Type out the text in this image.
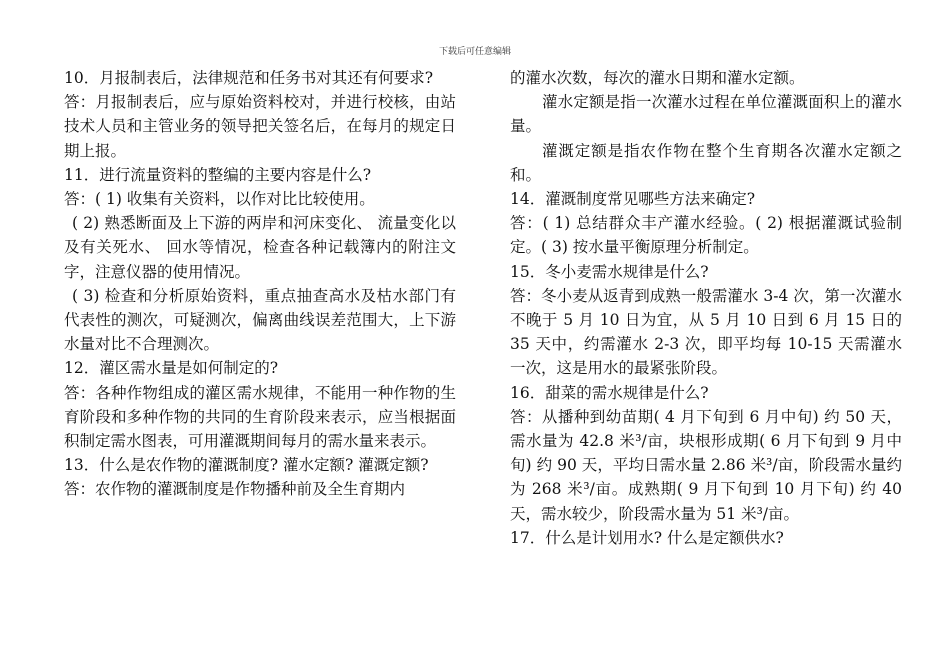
下载后可任意编辑

10．月报制表后，法律规范和任务书对其还有何要求?

答：月报制表后，应与原始资料校对，并进行校核，由站技术人员和主管业务的领导把关签名后，在每月的规定日期上报。

11．进行流量资料的整编的主要内容是什么?

答：( 1) 收集有关资料，以作对比比较使用。

( 2) 熟悉断面及上下游的两岸和河床变化、 流量变化以及有关死水、 回水等情况，检查各种记载簿内的附注文字，注意仪器的使用情况。

( 3) 检查和分析原始资料，重点抽查高水及枯水部门有代表性的测次，可疑测次，偏离曲线误差范围大，上下游水量对比不合理测次。

12．灌区需水量是如何制定的?

答：各种作物组成的灌区需水规律，不能用一种作物的生育阶段和多种作物的共同的生育阶段来表示，应当根据面积制定需水图表，可用灌溉期间每月的需水量来表示。

13．什么是农作物的灌溉制度? 灌水定额? 灌溉定额?

答：农作物的灌溉制度是作物播种前及全生育期内

的灌水次数，每次的灌水日期和灌水定额。

灌水定额是指一次灌水过程在单位灌溉面积上的灌水量。

灌溉定额是指农作物在整个生育期各次灌水定额之和。

14．灌溉制度常见哪些方法来确定?

答：( 1) 总结群众丰产灌水经验。( 2) 根据灌溉试验制定。( 3) 按水量平衡原理分析制定。

15．冬小麦需水规律是什么?

答：冬小麦从返青到成熟一般需灌水 3-4 次，第一次灌水不晚于 5 月 10 日为宜，从 5 月 10 日到 6 月 15 日的 35 天中，约需灌水 2-3 次，即平均每 10-15 天需灌水一次，这是用水的最紧张阶段。

16．甜菜的需水规律是什么?

答：从播种到幼苗期( 4 月下旬到 6 月中旬) 约 50 天，需水量为 42.8 米³/亩，块根形成期( 6 月下旬到 9 月中旬) 约 90 天，平均日需水量 2.86 米³/亩，阶段需水量约为 268 米³/亩。成熟期( 9 月下旬到 10 月下旬) 约 40 天，需水较少，阶段需水量为 51 米³/亩。

17．什么是计划用水? 什么是定额供水?
